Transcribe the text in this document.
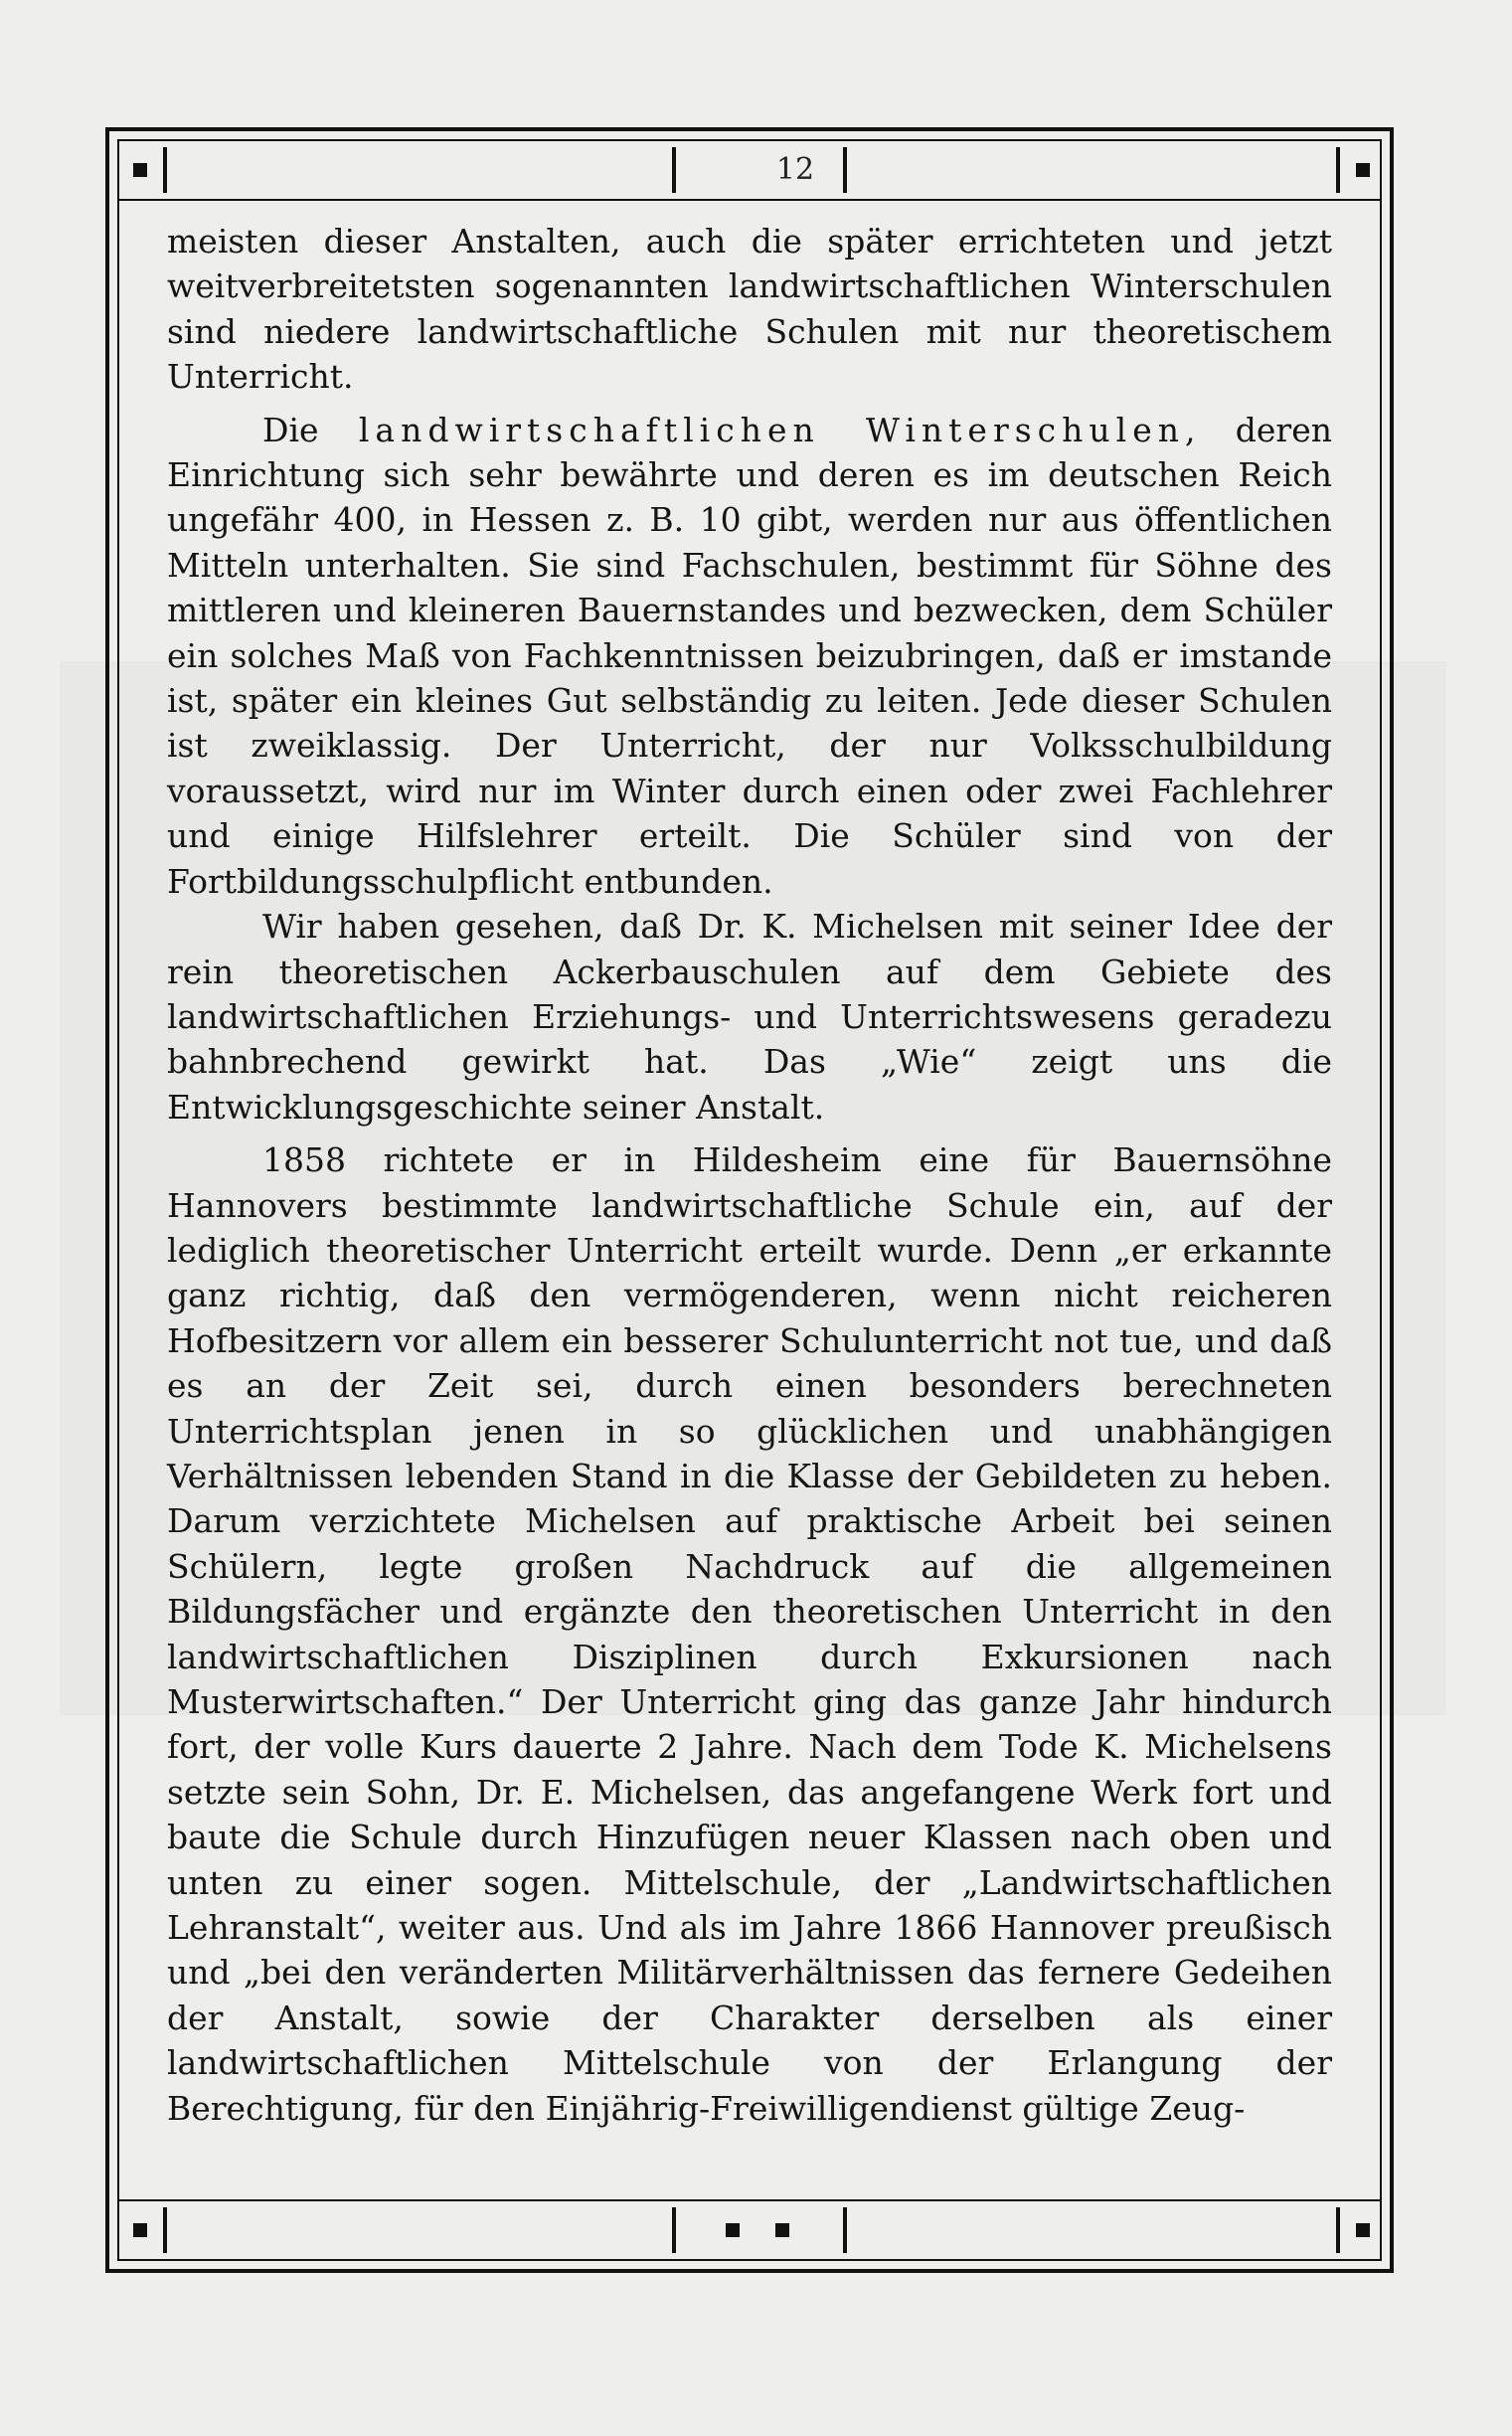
12

meisten dieser Anstalten, auch die später errichteten und jetzt weitverbreitetsten sogenannten landwirtschaftlichen Winterschulen sind niedere landwirtschaftliche Schulen mit nur theoretischem Unterricht.

Die landwirtschaftlichen Winterschulen, deren Einrichtung sich sehr bewährte und deren es im deutschen Reich ungefähr 400, in Hessen z. B. 10 gibt, werden nur aus öffentlichen Mitteln unterhalten. Sie sind Fachschulen, bestimmt für Söhne des mittleren und kleineren Bauernstandes und bezwecken, dem Schüler ein solches Maß von Fachkenntnissen beizubringen, daß er imstande ist, später ein kleines Gut selbständig zu leiten. Jede dieser Schulen ist zweiklassig. Der Unterricht, der nur Volksschulbildung voraussetzt, wird nur im Winter durch einen oder zwei Fachlehrer und einige Hilfslehrer erteilt. Die Schüler sind von der Fortbildungsschulpflicht entbunden.

Wir haben gesehen, daß Dr. K. Michelsen mit seiner Idee der rein theoretischen Ackerbauschulen auf dem Gebiete des landwirtschaftlichen Erziehungs- und Unterrichtswesens geradezu bahnbrechend gewirkt hat. Das „Wie“ zeigt uns die Entwicklungsgeschichte seiner Anstalt.

1858 richtete er in Hildesheim eine für Bauernsöhne Hannovers bestimmte landwirtschaftliche Schule ein, auf der lediglich theoretischer Unterricht erteilt wurde. Denn „er erkannte ganz richtig, daß den vermögenderen, wenn nicht reicheren Hofbesitzern vor allem ein besserer Schulunterricht not tue, und daß es an der Zeit sei, durch einen besonders berechneten Unterrichtsplan jenen in so glücklichen und unabhängigen Verhältnissen lebenden Stand in die Klasse der Gebildeten zu heben. Darum verzichtete Michelsen auf praktische Arbeit bei seinen Schülern, legte großen Nachdruck auf die allgemeinen Bildungsfächer und ergänzte den theoretischen Unterricht in den landwirtschaftlichen Disziplinen durch Exkursionen nach Musterwirtschaften.“ Der Unterricht ging das ganze Jahr hindurch fort, der volle Kurs dauerte 2 Jahre. Nach dem Tode K. Michelsens setzte sein Sohn, Dr. E. Michelsen, das angefangene Werk fort und baute die Schule durch Hinzufügen neuer Klassen nach oben und unten zu einer sogen. Mittelschule, der „Landwirtschaftlichen Lehranstalt“, weiter aus. Und als im Jahre 1866 Hannover preußisch und „bei den veränderten Militärverhältnissen das fernere Gedeihen der Anstalt, sowie der Charakter derselben als einer landwirtschaftlichen Mittelschule von der Erlangung der Berechtigung, für den Einjährig-Freiwilligendienst gültige Zeug-
